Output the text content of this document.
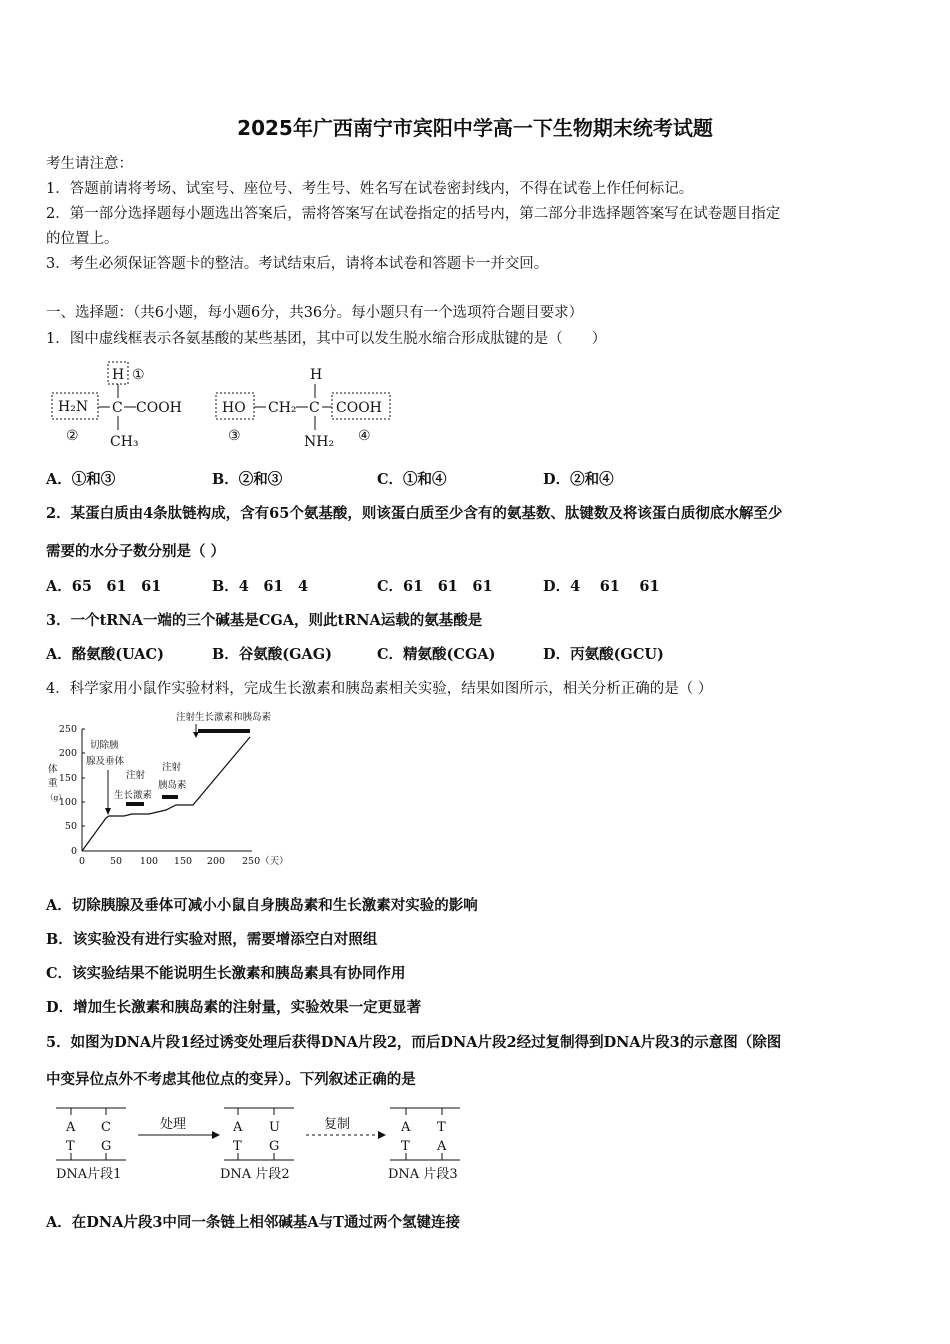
2025年广西南宁市宾阳中学高一下生物期末统考试题
考生请注意：
1．答题前请将考场、试室号、座位号、考生号、姓名写在试卷密封线内，不得在试卷上作任何标记。
2．第一部分选择题每小题选出答案后，需将答案写在试卷指定的括号内，第二部分非选择题答案写在试卷题目指定
的位置上。
3．考生必须保证答题卡的整洁。考试结束后，请将本试卷和答题卡一并交回。
一、选择题：（共6小题，每小题6分，共36分。每小题只有一个选项符合题目要求）
1．图中虚线框表示各氨基酸的某些基团，其中可以发生脱水缩合形成肽键的是（　　）
H ①
H₂N C COOH
② CH₃
H
HO CH₂ C COOH
③	NH₂ ④
A．①和③	B．②和③	C．①和④	D．②和④
2．某蛋白质由4条肽链构成，含有65个氨基酸，则该蛋白质至少含有的氨基数、肽键数及将该蛋白质彻底水解至少
需要的水分子数分别是（ ）
A．65　61　61	B．4　61　4	C．61　61　61	D．4　 61　 61
3．一个tRNA一端的三个碱基是CGA，则此tRNA运载的氨基酸是
A．酪氨酸(UAC)	B．谷氨酸(GAG)	C．精氨酸(CGA)	D．丙氨酸(GCU)
4．科学家用小鼠作实验材料，完成生长激素和胰岛素相关实验，结果如图所示，相关分析正确的是（ ）
250
200
150
100
50
0
0	50 100 150 200 250（天）
体
重
（g）
切除胰
腺及垂体
注射
生长激素
注射
胰岛素
注射生长激素和胰岛素
A．切除胰腺及垂体可减小小鼠自身胰岛素和生长激素对实验的影响
B．该实验没有进行实验对照，需要增添空白对照组
C．该实验结果不能说明生长激素和胰岛素具有协同作用
D．增加生长激素和胰岛素的注射量，实验效果一定更显著
5．如图为DNA片段1经过诱变处理后获得DNA片段2，而后DNA片段2经过复制得到DNA片段3的示意图（除图
中变异位点外不考虑其他位点的变异）。下列叙述正确的是
A C
T G
DNA片段1
处理	复制
A U
T G
DNA 片段2
A T
T A
DNA 片段3
A．在DNA片段3中同一条链上相邻碱基A与T通过两个氢键连接
